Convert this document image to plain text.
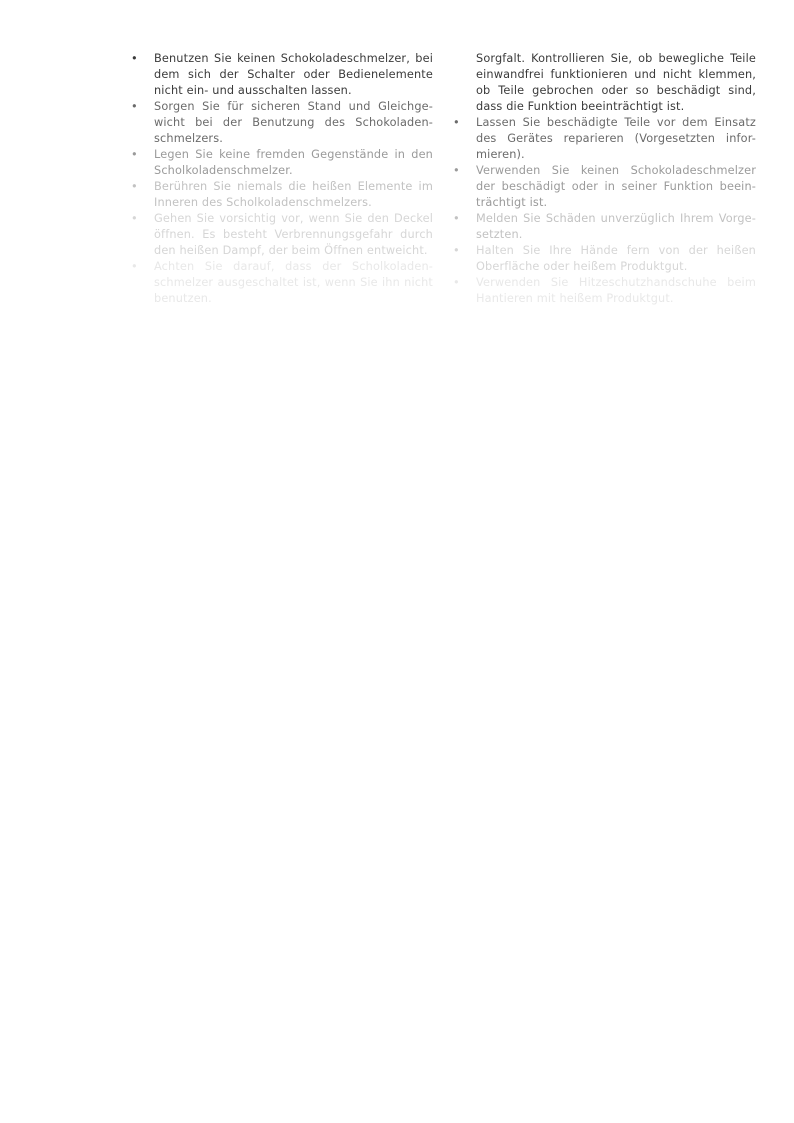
• Benutzen Sie keinen Schokoladeschmelzer, bei dem sich der Schalter oder Bedienelemente nicht ein- und ausschalten lassen.
• Sorgen Sie für sicheren Stand und Gleichge-wicht bei der Benutzung des Schokoladen-schmelzers.
• Legen Sie keine fremden Gegenstände in den Scholkoladenschmelzer.
• Berühren Sie niemals die heißen Elemente im Inneren des Scholkoladenschmelzers.
• Gehen Sie vorsichtig vor, wenn Sie den Deckel öffnen. Es besteht Verbrennungsgefahr durch den heißen Dampf, der beim Öffnen entweicht.
• Achten Sie darauf, dass der Scholkoladen-schmelzer ausgeschaltet ist, wenn Sie ihn nicht benutzen.

Sorgfalt. Kontrollieren Sie, ob bewegliche Teile einwandfrei funktionieren und nicht klemmen, ob Teile gebrochen oder so beschädigt sind, dass die Funktion beeinträchtigt ist.

• Lassen Sie beschädigte Teile vor dem Einsatz des Gerätes reparieren (Vorgesetzten infor-mieren).
• Verwenden Sie keinen Schokoladeschmelzer der beschädigt oder in seiner Funktion beein-trächtigt ist.
• Melden Sie Schäden unverzüglich Ihrem Vorge-setzten.
• Halten Sie Ihre Hände fern von der heißen Oberfläche oder heißem Produktgut.
• Verwenden Sie Hitzeschutzhandschuhe beim Hantieren mit heißem Produktgut.
